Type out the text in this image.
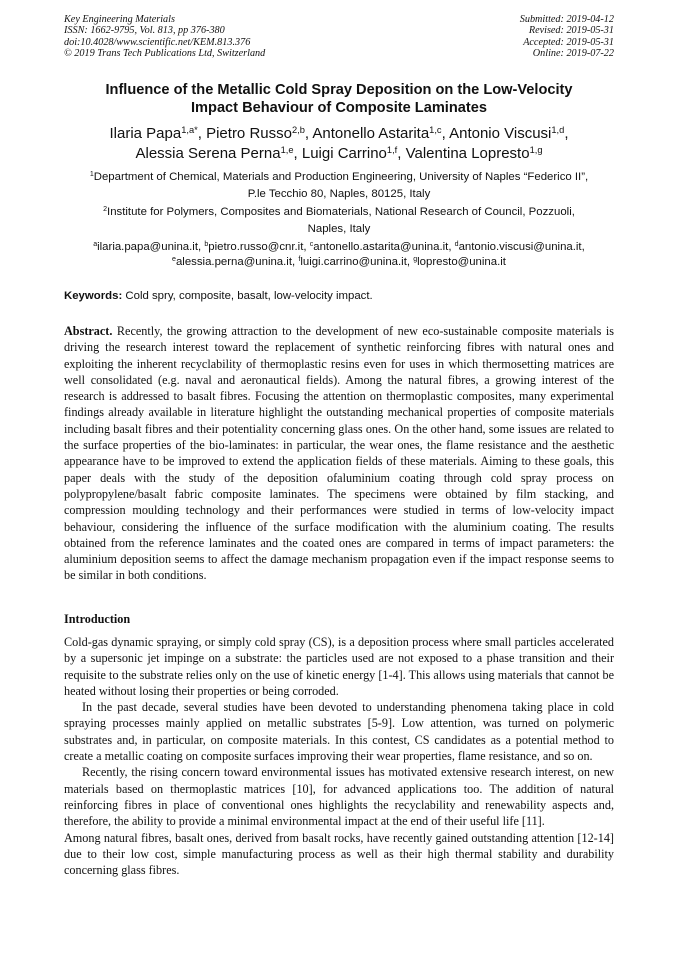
Key Engineering Materials
ISSN: 1662-9795, Vol. 813, pp 376-380
doi:10.4028/www.scientific.net/KEM.813.376
© 2019 Trans Tech Publications Ltd, Switzerland
Submitted: 2019-04-12
Revised: 2019-05-31
Accepted: 2019-05-31
Online: 2019-07-22
Influence of the Metallic Cold Spray Deposition on the Low-Velocity
Impact Behaviour of Composite Laminates
Ilaria Papa$^{1,a*}$, Pietro Russo$^{2,b}$, Antonello Astarita$^{1,c}$, Antonio Viscusi$^{1,d}$,
Alessia Serena Perna$^{1,e}$, Luigi Carrino$^{1,f}$, Valentina Lopresto$^{1,g}$
$^1$Department of Chemical, Materials and Production Engineering, University of Naples “Federico II”,
P.le Tecchio 80, Naples, 80125, Italy
$^2$Institute for Polymers, Composites and Biomaterials, National Research of Council, Pozzuoli,
Naples, Italy
$^a$ilaria.papa@unina.it, $^b$pietro.russo@cnr.it, $^c$antonello.astarita@unina.it, $^d$antonio.viscusi@unina.it,
$^e$alessia.perna@unina.it, $^f$luigi.carrino@unina.it, $^g$lopresto@unina.it
Keywords: Cold spry, composite, basalt, low-velocity impact.

Abstract. Recently, the growing attraction to the development of new eco-sustainable composite materials is driving the research interest toward the replacement of synthetic reinforcing fibres with natural ones and exploiting the inherent recyclability of thermoplastic resins even for uses in which thermosetting matrices are well consolidated (e.g. naval and aeronautical fields). Among the natural fibres, a growing interest of the research is addressed to basalt fibres. Focusing the attention on thermoplastic composites, many experimental findings already available in literature highlight the outstanding mechanical properties of composite materials including basalt fibres and their potentiality concerning glass ones. On the other hand, some issues are related to the surface properties of the bio-laminates: in particular, the wear ones, the flame resistance and the aesthetic appearance have to be improved to extend the application fields of these materials. Aiming to these goals, this paper deals with the study of the deposition ofaluminium coating through cold spray process on polypropylene/basalt fabric composite laminates. The specimens were obtained by film stacking, and compression moulding technology and their performances were studied in terms of low-velocity impact behaviour, considering the influence of the surface modification with the aluminium coating. The results obtained from the reference laminates and the coated ones are compared in terms of impact parameters: the aluminium deposition seems to affect the damage mechanism propagation even if the impact response seems to be similar in both conditions.

Introduction

Cold-gas dynamic spraying, or simply cold spray (CS), is a deposition process where small particles accelerated by a supersonic jet impinge on a substrate: the particles used are not exposed to a phase transition and their requisite to the substrate relies only on the use of kinetic energy [1-4]. This allows using materials that cannot be heated without losing their properties or being corroded.

In the past decade, several studies have been devoted to understanding phenomena taking place in cold spraying processes mainly applied on metallic substrates [5-9]. Low attention, was turned on polymeric substrates and, in particular, on composite materials. In this contest, CS candidates as a potential method to create a metallic coating on composite surfaces improving their wear properties, flame resistance, and so on.

Recently, the rising concern toward environmental issues has motivated extensive research interest, on new materials based on thermoplastic matrices [10], for advanced applications too. The addition of natural reinforcing fibres in place of conventional ones highlights the recyclability and renewability aspects and, therefore, the ability to provide a minimal environmental impact at the end of their useful life [11].

Among natural fibres, basalt ones, derived from basalt rocks, have recently gained outstanding attention [12-14] due to their low cost, simple manufacturing process as well as their high thermal stability and durability concerning glass fibres.
